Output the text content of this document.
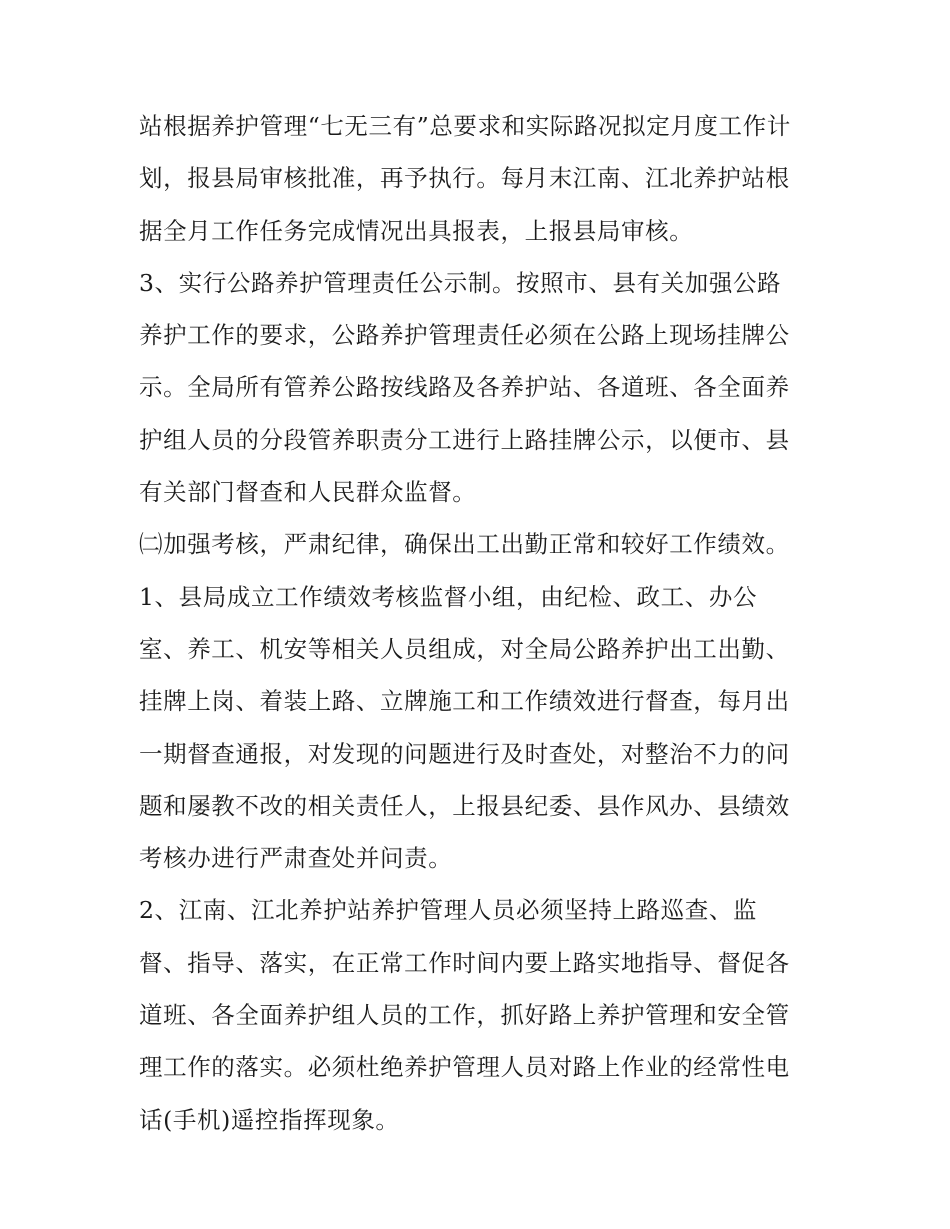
站根据养护管理“七无三有”总要求和实际路况拟定月度工作计
划，报县局审核批准，再予执行。每月末江南、江北养护站根
据全月工作任务完成情况出具报表，上报县局审核。
3、实行公路养护管理责任公示制。按照市、县有关加强公路
养护工作的要求，公路养护管理责任必须在公路上现场挂牌公
示。全局所有管养公路按线路及各养护站、各道班、各全面养
护组人员的分段管养职责分工进行上路挂牌公示，以便市、县
有关部门督查和人民群众监督。
㈡加强考核，严肃纪律，确保出工出勤正常和较好工作绩效。
1、县局成立工作绩效考核监督小组，由纪检、政工、办公
室、养工、机安等相关人员组成，对全局公路养护出工出勤、
挂牌上岗、着装上路、立牌施工和工作绩效进行督查，每月出
一期督查通报，对发现的问题进行及时查处，对整治不力的问
题和屡教不改的相关责任人，上报县纪委、县作风办、县绩效
考核办进行严肃查处并问责。
2、江南、江北养护站养护管理人员必须坚持上路巡查、监
督、指导、落实，在正常工作时间内要上路实地指导、督促各
道班、各全面养护组人员的工作，抓好路上养护管理和安全管
理工作的落实。必须杜绝养护管理人员对路上作业的经常性电
话(手机)遥控指挥现象。
